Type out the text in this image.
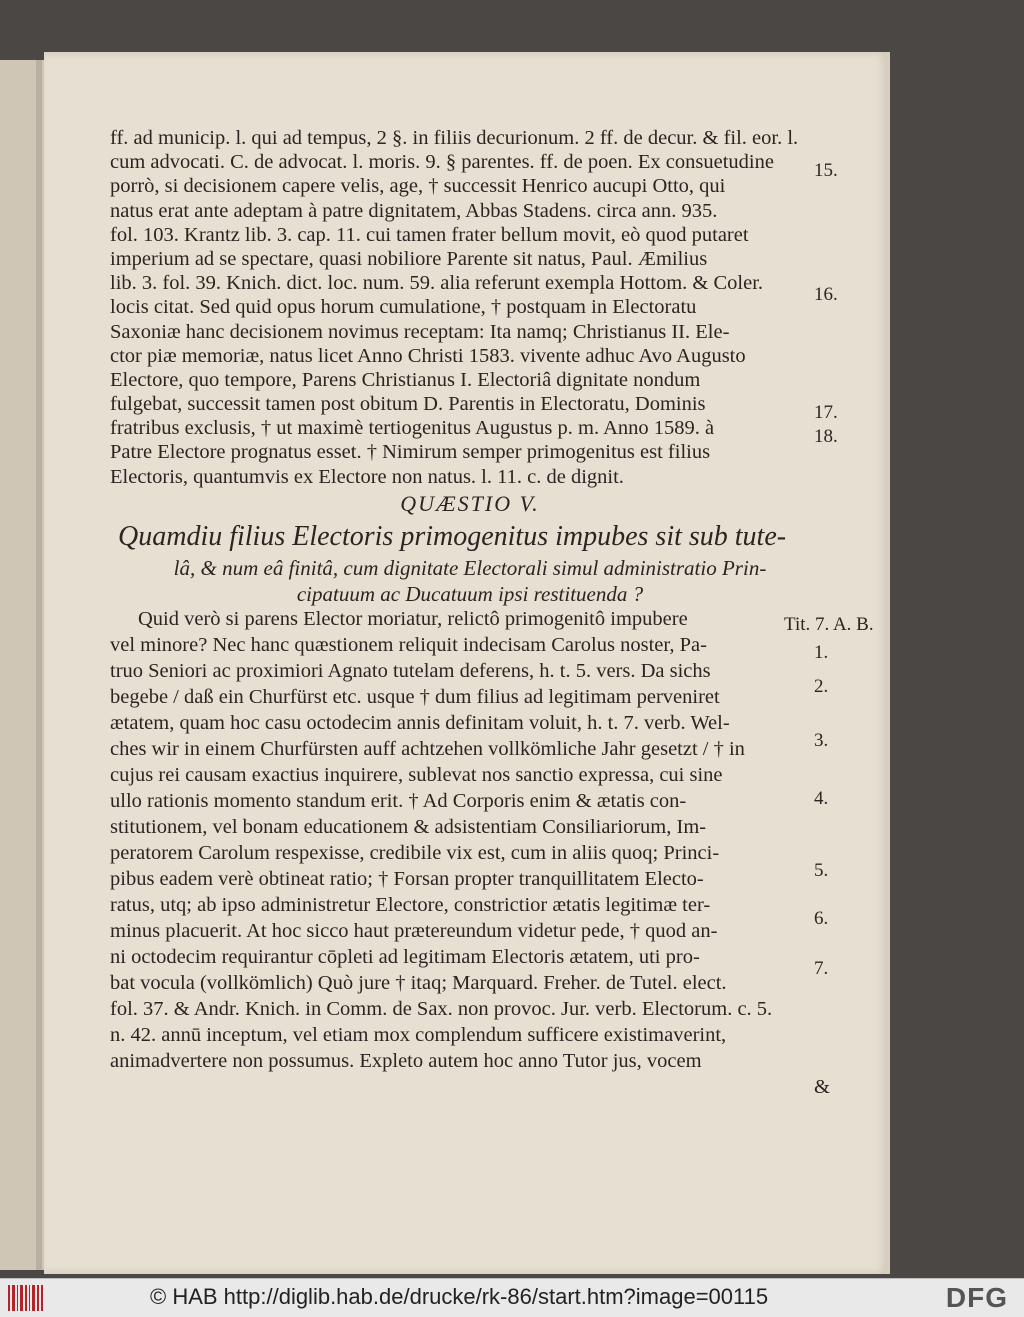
ff. ad municip. l. qui ad tempus, 2 §. in filiis decurionum. 2 ff. de decur. & fil. eor. l.
cum advocati. C. de advocat. l. moris. 9. § parentes. ff. de poen. Ex consuetudine
porrò, si decisionem capere velis, age, † successit Henrico aucupi Otto, qui
natus erat ante adeptam à patre dignitatem, Abbas Stadens. circa ann. 935.
fol. 103. Krantz lib. 3. cap. 11. cui tamen frater bellum movit, eò quod putaret
imperium ad se spectare, quasi nobiliore Parente sit natus, Paul. Æmilius
lib. 3. fol. 39. Knich. dict. loc. num. 59. alia referunt exempla Hottom. & Coler.
locis citat. Sed quid opus horum cumulatione, † postquam in Electoratu
Saxoniæ hanc decisionem novimus receptam: Ita namq; Christianus II. Ele-
ctor piæ memoriæ, natus licet Anno Christi 1583. vivente adhuc Avo Augusto
Electore, quo tempore, Parens Christianus I. Electoriâ dignitate nondum
fulgebat, successit tamen post obitum D. Parentis in Electoratu, Dominis
fratribus exclusis, † ut maximè tertiogenitus Augustus p. m. Anno 1589. à
Patre Electore prognatus esset. † Nimirum semper primogenitus est filius
Electoris, quantumvis ex Electore non natus. l. 11. c. de dignit.
QUÆSTIO V.
Quamdiu filius Electoris primogenitus impubes sit sub tute-
lâ, & num eâ finitâ, cum dignitate Electorali simul administratio Prin-
cipatuum ac Ducatuum ipsi restituenda ?
Quid verò si parens Elector moriatur, relictô primogenitô impubere
vel minore? Nec hanc quæstionem reliquit indecisam Carolus noster, Pa-
truo Seniori ac proximiori Agnato tutelam deferens, h. t. 5. vers. Da sichs
begebe / daß ein Churfürst etc. usque † dum filius ad legitimam perveniret
ætatem, quam hoc casu octodecim annis definitam voluit, h. t. 7. verb. Wel-
ches wir in einem Churfürsten auff achtzehen vollkömliche Jahr gesetzt / † in
cujus rei causam exactius inquirere, sublevat nos sanctio expressa, cui sine
ullo rationis momento standum erit. † Ad Corporis enim & ætatis con-
stitutionem, vel bonam educationem & adsistentiam Consiliariorum, Im-
peratorem Carolum respexisse, credibile vix est, cum in aliis quoq; Princi-
pibus eadem verè obtineat ratio; † Forsan propter tranquillitatem Electo-
ratus, utq; ab ipso administretur Electore, constrictior ætatis legitimæ ter-
minus placuerit. At hoc sicco haut prætereundum videtur pede, † quod an-
ni octodecim requirantur cōpleti ad legitimam Electoris ætatem, uti pro-
bat vocula (vollkömlich) Quò jure † itaq; Marquard. Freher. de Tutel. elect.
fol. 37. & Andr. Knich. in Comm. de Sax. non provoc. Jur. verb. Electorum. c. 5.
n. 42. annū inceptum, vel etiam mox complendum sufficere existimaverint,
animadvertere non possumus. Expleto autem hoc anno Tutor jus, vocem
&
15.
16.
17.
18.
Tit. 7. A. B.
1.
2.
3.
4.
5.
6.
7.
© HAB http://diglib.hab.de/drucke/rk-86/start.htm?image=00115	DFG
